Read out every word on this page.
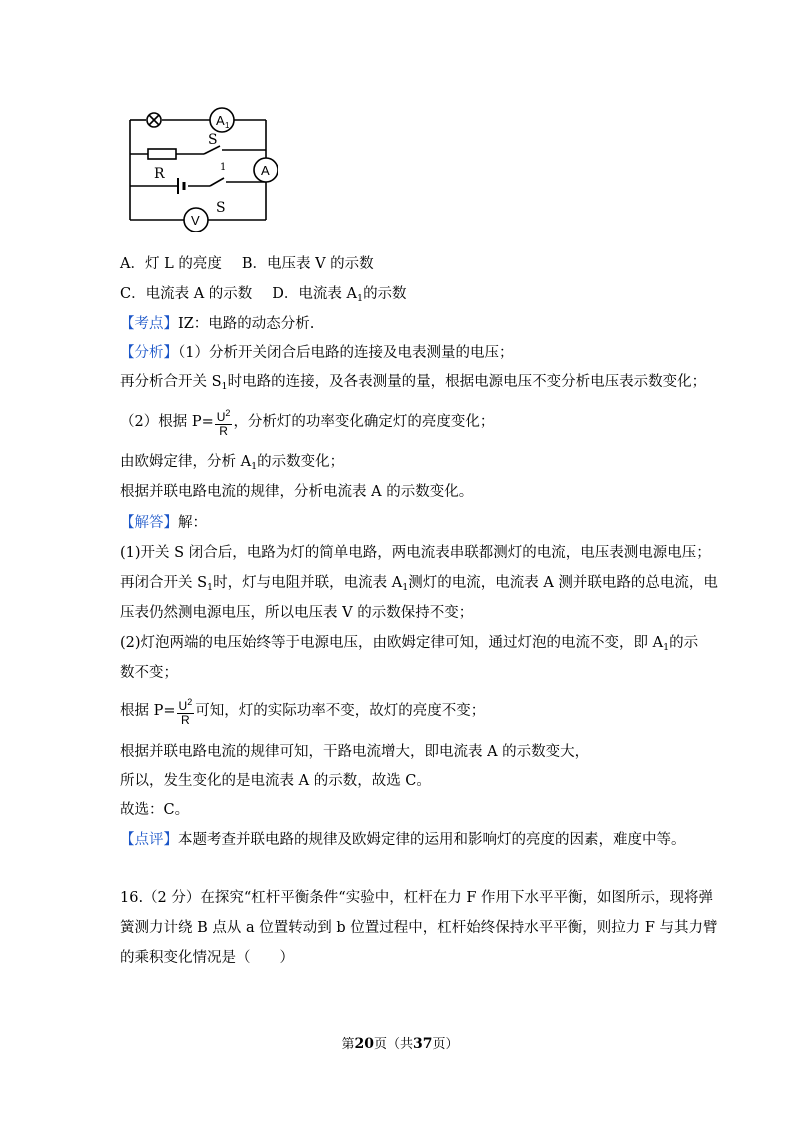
A 1
A
V
R
S
1
S
A．灯 L 的亮度 B．电压表 V 的示数
C．电流表 A 的示数 D．电流表 $A_1$的示数
【考点】IZ：电路的动态分析.
【分析】（1）分析开关闭合后电路的连接及电表测量的电压；
再分析合开关 $S_1$时电路的连接，及各表测量的量，根据电源电压不变分析电压表示数变化；
（2）根据 $P= \frac{U^2}{R}$ ，分析灯的功率变化确定灯的亮度变化；
由欧姆定律，分析 $A_1$的示数变化；
根据并联电路电流的规律，分析电流表 A 的示数变化。
【解答】解：
(1)开关 S 闭合后，电路为灯的简单电路，两电流表串联都测灯的电流，电压表测电源电压；
再闭合开关 $S_1$时，灯与电阻并联，电流表 $A_1$测灯的电流，电流表 A 测并联电路的总电流，电
压表仍然测电源电压，所以电压表 V 的示数保持不变；
(2)灯泡两端的电压始终等于电源电压，由欧姆定律可知，通过灯泡的电流不变，即 $A_1$的示
数不变；
根据 $P= \frac{U^2}{R}$ 可知，灯的实际功率不变，故灯的亮度不变；
根据并联电路电流的规律可知，干路电流增大，即电流表 A 的示数变大，
所以，发生变化的是电流表 A 的示数，故选 C。
故选：C。
【点评】本题考查并联电路的规律及欧姆定律的运用和影响灯的亮度的因素，难度中等。
16.（2 分）在探究“杠杆平衡条件“实验中，杠杆在力 F 作用下水平平衡，如图所示，现将弹
簧测力计绕 B 点从 a 位置转动到 b 位置过程中，杠杆始终保持水平平衡，则拉力 F 与其力臂
的乘积变化情况是（　　）
第20页（共37页）
